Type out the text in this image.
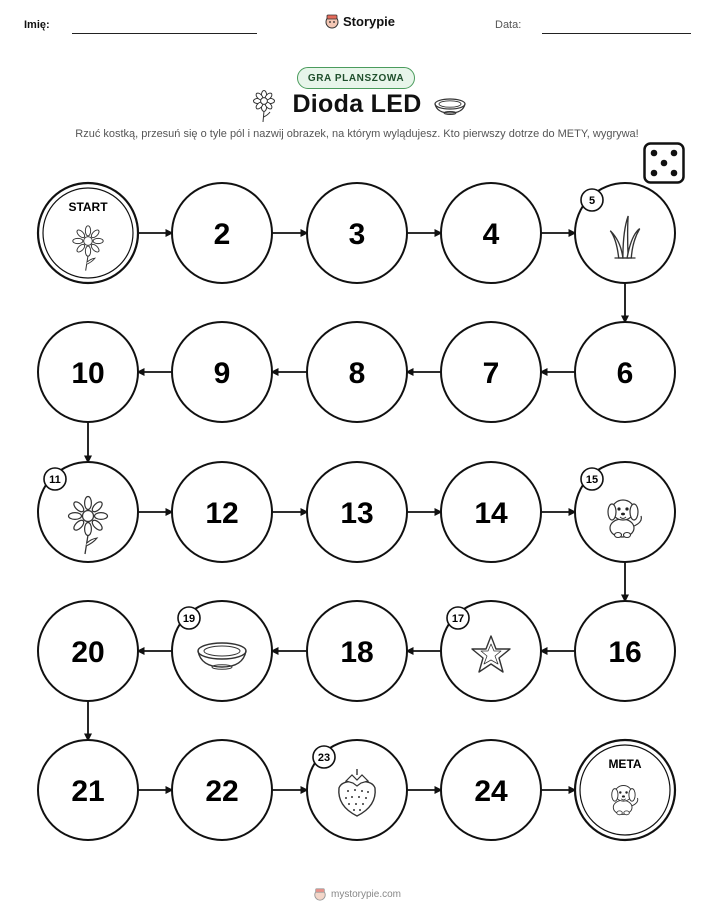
Imię:	Storypie	Data:
GRA PLANSZOWA
Dioda LED
Rzuć kostką, przesuń się o tyle pól i nazwij obrazek, na którym wylądujesz. Kto pierwszy dotrze do METY, wygrywa!
START
2	3	4
5
6
7
8
9
10
11
12	13	14
15
16
17
18
19
20
21	22
23
24
META
mystorypie.com
